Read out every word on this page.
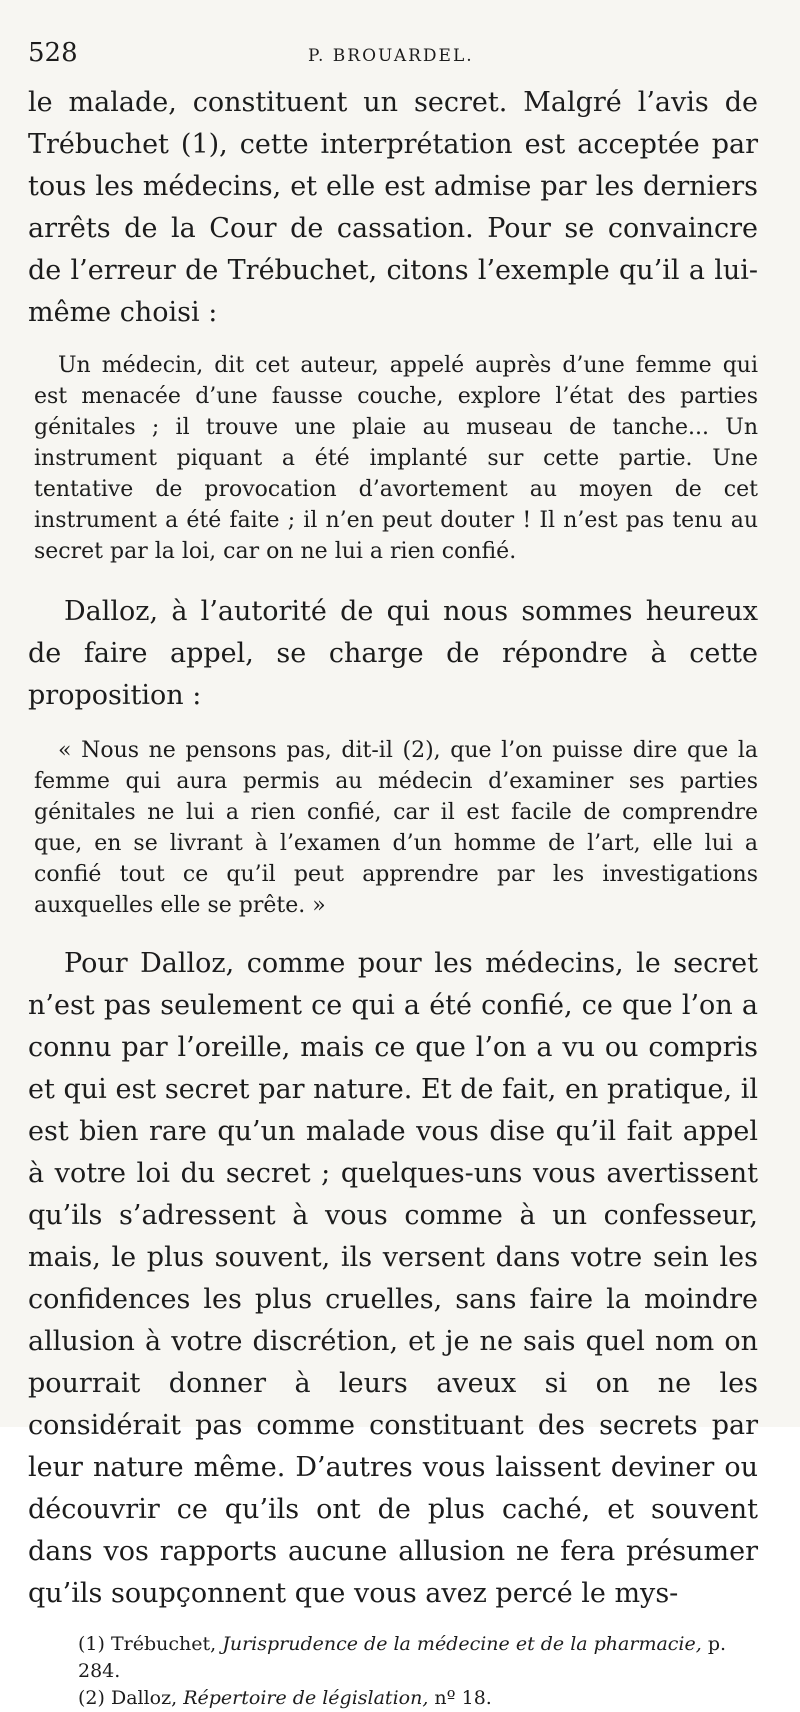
528	P. BROUARDEL.

le malade, constituent un secret. Malgré l’avis de Trébuchet (1), cette interprétation est acceptée par tous les médecins, et elle est admise par les derniers arrêts de la Cour de cassation. Pour se convaincre de l’erreur de Trébuchet, citons l’exemple qu’il a lui-même choisi :

Un médecin, dit cet auteur, appelé auprès d’une femme qui est menacée d’une fausse couche, explore l’état des parties génitales ; il trouve une plaie au museau de tanche... Un instrument piquant a été implanté sur cette partie. Une tentative de provocation d’avortement au moyen de cet instrument a été faite ; il n’en peut douter ! Il n’est pas tenu au secret par la loi, car on ne lui a rien confié.

Dalloz, à l’autorité de qui nous sommes heureux de faire appel, se charge de répondre à cette proposition :

« Nous ne pensons pas, dit-il (2), que l’on puisse dire que la femme qui aura permis au médecin d’examiner ses parties génitales ne lui a rien confié, car il est facile de comprendre que, en se livrant à l’examen d’un homme de l’art, elle lui a confié tout ce qu’il peut apprendre par les investigations auxquelles elle se prête. »

Pour Dalloz, comme pour les médecins, le secret n’est pas seulement ce qui a été confié, ce que l’on a connu par l’oreille, mais ce que l’on a vu ou compris et qui est secret par nature. Et de fait, en pratique, il est bien rare qu’un malade vous dise qu’il fait appel à votre loi du secret ; quelques-uns vous avertissent qu’ils s’adressent à vous comme à un confesseur, mais, le plus souvent, ils versent dans votre sein les confidences les plus cruelles, sans faire la moindre allusion à votre discrétion, et je ne sais quel nom on pourrait donner à leurs aveux si on ne les considérait pas comme constituant des secrets par leur nature même. D’autres vous laissent deviner ou découvrir ce qu’ils ont de plus caché, et souvent dans vos rapports aucune allusion ne fera présumer qu’ils soupçonnent que vous avez percé le mys-

(1) Trébuchet, Jurisprudence de la médecine et de la pharmacie, p. 284.

(2) Dalloz, Répertoire de législation, nº 18.
